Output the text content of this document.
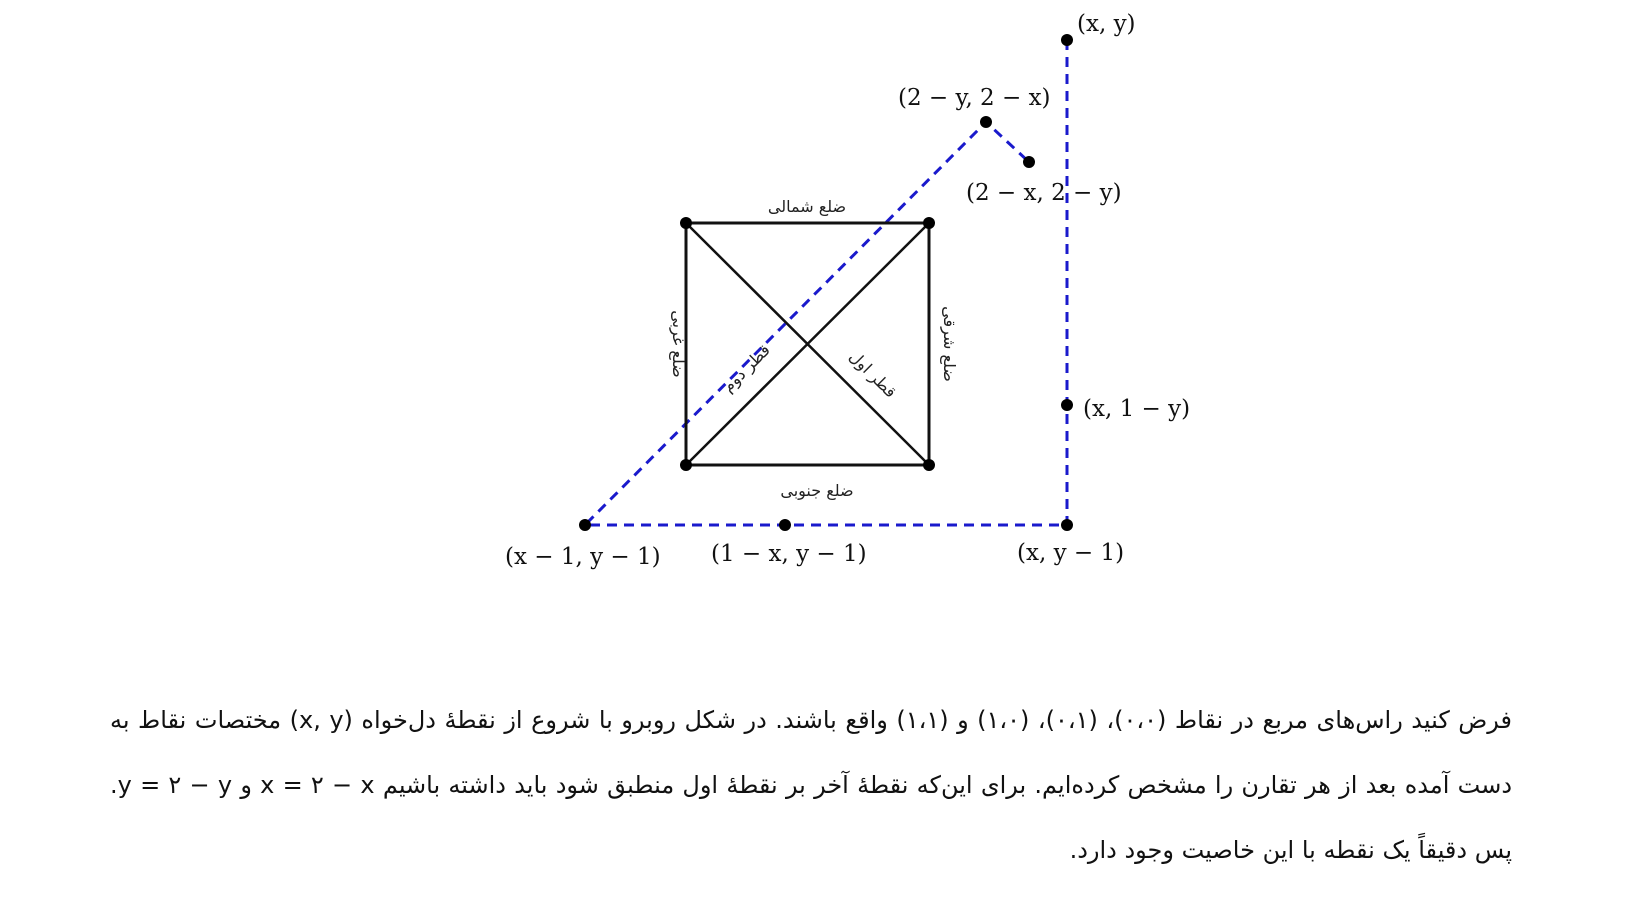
(x, y)
(2 − y, 2 − x)
(2 − x, 2 − y)
(x, 1 − y)
(x − 1, y − 1) (1 − x, y − 1)	(x, y − 1)
ضلع شمالی
ضلع جنوبی
ضلع غربی	ضلع شرقی
قطر اول
قطر دوم
فرض کنید راس‌های مربع در نقاط (۰،۰)، (۰،۱)، (۱،۰) و (۱،۱) واقع باشند. در شکل روبرو با شروع از نقطهٔ دل‌خواه (x, y) مختصات نقاط به دست آمده بعد از هر تقارن را مشخص کرده‌ایم. برای این‌که نقطهٔ آخر بر نقطهٔ اول منطبق شود باید داشته باشیم x = ۲ − x و y = ۲ − y. پس دقیقاً یک نقطه با این خاصیت وجود دارد.
